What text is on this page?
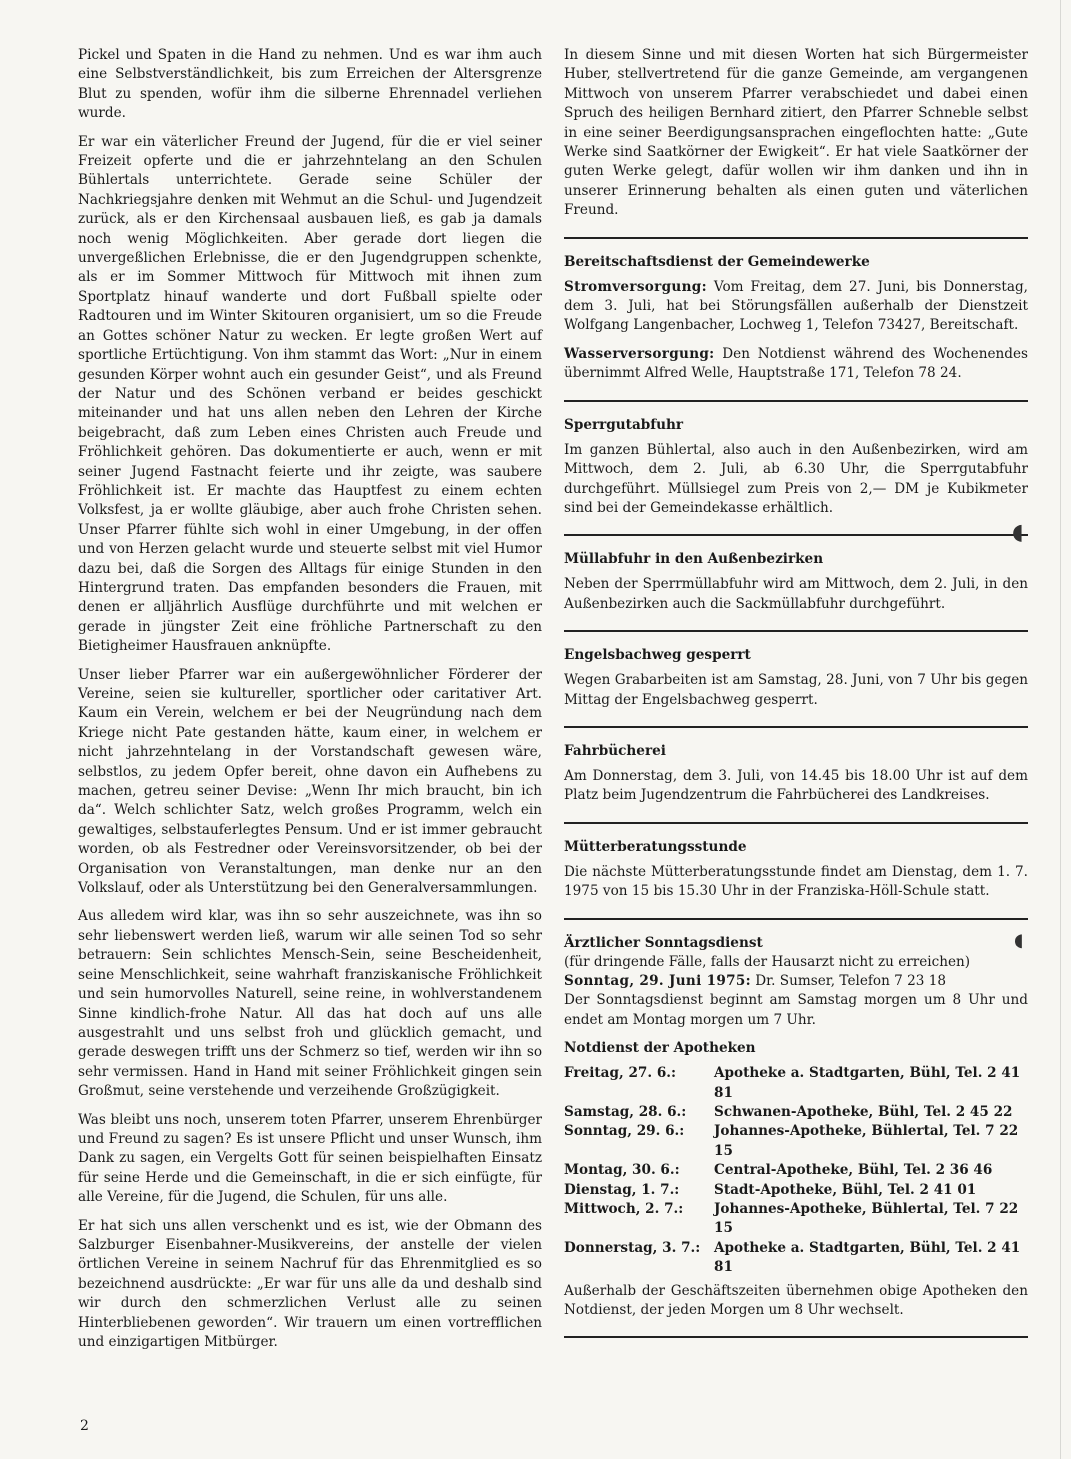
Pickel und Spaten in die Hand zu nehmen. Und es war ihm auch eine Selbstverständlichkeit, bis zum Erreichen der Altersgrenze Blut zu spenden, wofür ihm die silberne Ehrennadel verliehen wurde.

Er war ein väterlicher Freund der Jugend, für die er viel seiner Freizeit opferte und die er jahrzehntelang an den Schulen Bühlertals unterrichtete. Gerade seine Schüler der Nachkriegsjahre denken mit Wehmut an die Schul- und Jugendzeit zurück, als er den Kirchensaal ausbauen ließ, es gab ja damals noch wenig Möglichkeiten. Aber gerade dort liegen die unvergeßlichen Erlebnisse, die er den Jugendgruppen schenkte, als er im Sommer Mittwoch für Mittwoch mit ihnen zum Sportplatz hinauf wanderte und dort Fußball spielte oder Radtouren und im Winter Skitouren organisiert, um so die Freude an Gottes schöner Natur zu wecken. Er legte großen Wert auf sportliche Ertüchtigung. Von ihm stammt das Wort: „Nur in einem gesunden Körper wohnt auch ein gesunder Geist“, und als Freund der Natur und des Schönen verband er beides geschickt miteinander und hat uns allen neben den Lehren der Kirche beigebracht, daß zum Leben eines Christen auch Freude und Fröhlichkeit gehören. Das dokumentierte er auch, wenn er mit seiner Jugend Fastnacht feierte und ihr zeigte, was saubere Fröhlichkeit ist. Er machte das Hauptfest zu einem echten Volksfest, ja er wollte gläubige, aber auch frohe Christen sehen. Unser Pfarrer fühlte sich wohl in einer Umgebung, in der offen und von Herzen gelacht wurde und steuerte selbst mit viel Humor dazu bei, daß die Sorgen des Alltags für einige Stunden in den Hintergrund traten. Das empfanden besonders die Frauen, mit denen er alljährlich Ausflüge durchführte und mit welchen er gerade in jüngster Zeit eine fröhliche Partnerschaft zu den Bietigheimer Hausfrauen anknüpfte.

Unser lieber Pfarrer war ein außergewöhnlicher Förderer der Vereine, seien sie kultureller, sportlicher oder caritativer Art. Kaum ein Verein, welchem er bei der Neugründung nach dem Kriege nicht Pate gestanden hätte, kaum einer, in welchem er nicht jahrzehntelang in der Vorstandschaft gewesen wäre, selbstlos, zu jedem Opfer bereit, ohne davon ein Aufhebens zu machen, getreu seiner Devise: „Wenn Ihr mich braucht, bin ich da“. Welch schlichter Satz, welch großes Programm, welch ein gewaltiges, selbstauferlegtes Pensum. Und er ist immer gebraucht worden, ob als Festredner oder Vereinsvorsitzender, ob bei der Organisation von Veranstaltungen, man denke nur an den Volkslauf, oder als Unterstützung bei den Generalversammlungen.

Aus alledem wird klar, was ihn so sehr auszeichnete, was ihn so sehr liebenswert werden ließ, warum wir alle seinen Tod so sehr betrauern: Sein schlichtes Mensch-Sein, seine Bescheidenheit, seine Menschlichkeit, seine wahrhaft franziskanische Fröhlichkeit und sein humorvolles Naturell, seine reine, in wohlverstandenem Sinne kindlich-frohe Natur. All das hat doch auf uns alle ausgestrahlt und uns selbst froh und glücklich gemacht, und gerade deswegen trifft uns der Schmerz so tief, werden wir ihn so sehr vermissen. Hand in Hand mit seiner Fröhlichkeit gingen sein Großmut, seine verstehende und verzeihende Großzügigkeit.

Was bleibt uns noch, unserem toten Pfarrer, unserem Ehrenbürger und Freund zu sagen? Es ist unsere Pflicht und unser Wunsch, ihm Dank zu sagen, ein Vergelts Gott für seinen beispielhaften Einsatz für seine Herde und die Gemeinschaft, in die er sich einfügte, für alle Vereine, für die Jugend, die Schulen, für uns alle.

Er hat sich uns allen verschenkt und es ist, wie der Obmann des Salzburger Eisenbahner-Musikvereins, der anstelle der vielen örtlichen Vereine in seinem Nachruf für das Ehrenmitglied es so bezeichnend ausdrückte: „Er war für uns alle da und deshalb sind wir durch den schmerzlichen Verlust alle zu seinen Hinterbliebenen geworden“. Wir trauern um einen vortrefflichen und einzigartigen Mitbürger.

In diesem Sinne und mit diesen Worten hat sich Bürgermeister Huber, stellvertretend für die ganze Gemeinde, am vergangenen Mittwoch von unserem Pfarrer verabschiedet und dabei einen Spruch des heiligen Bernhard zitiert, den Pfarrer Schneble selbst in eine seiner Beerdigungsansprachen eingeflochten hatte: „Gute Werke sind Saatkörner der Ewigkeit“. Er hat viele Saatkörner der guten Werke gelegt, dafür wollen wir ihm danken und ihn in unserer Erinnerung behalten als einen guten und väterlichen Freund.

Bereitschaftsdienst der Gemeindewerke

Stromversorgung: Vom Freitag, dem 27. Juni, bis Donnerstag, dem 3. Juli, hat bei Störungsfällen außerhalb der Dienstzeit Wolfgang Langenbacher, Lochweg 1, Telefon 73427, Bereitschaft.

Wasserversorgung: Den Notdienst während des Wochenendes übernimmt Alfred Welle, Hauptstraße 171, Telefon 78 24.

Sperrgutabfuhr

Im ganzen Bühlertal, also auch in den Außenbezirken, wird am Mittwoch, dem 2. Juli, ab 6.30 Uhr, die Sperrgutabfuhr durchgeführt. Müllsiegel zum Preis von 2,— DM je Kubikmeter sind bei der Gemeindekasse erhältlich.

Müllabfuhr in den Außenbezirken

Neben der Sperrmüllabfuhr wird am Mittwoch, dem 2. Juli, in den Außenbezirken auch die Sackmüllabfuhr durchgeführt.

Engelsbachweg gesperrt

Wegen Grabarbeiten ist am Samstag, 28. Juni, von 7 Uhr bis gegen Mittag der Engelsbachweg gesperrt.

Fahrbücherei

Am Donnerstag, dem 3. Juli, von 14.45 bis 18.00 Uhr ist auf dem Platz beim Jugendzentrum die Fahrbücherei des Landkreises.

Mütterberatungsstunde

Die nächste Mütterberatungsstunde findet am Dienstag, dem 1. 7. 1975 von 15 bis 15.30 Uhr in der Franziska-Höll-Schule statt.

Ärztlicher Sonntagsdienst

(für dringende Fälle, falls der Hausarzt nicht zu erreichen)

Sonntag, 29. Juni 1975: Dr. Sumser, Telefon 7 23 18

Der Sonntagsdienst beginnt am Samstag morgen um 8 Uhr und endet am Montag morgen um 7 Uhr.

Notdienst der Apotheken
Freitag, 27. 6.:	Apotheke a. Stadtgarten, Bühl, Tel. 2 41 81
Samstag, 28. 6.:	Schwanen-Apotheke, Bühl, Tel. 2 45 22
Sonntag, 29. 6.:	Johannes-Apotheke, Bühlertal, Tel. 7 22 15
Montag, 30. 6.:	Central-Apotheke, Bühl, Tel. 2 36 46
Dienstag, 1. 7.:	Stadt-Apotheke, Bühl, Tel. 2 41 01
Mittwoch, 2. 7.:	Johannes-Apotheke, Bühlertal, Tel. 7 22 15
Donnerstag, 3. 7.:	Apotheke a. Stadtgarten, Bühl, Tel. 2 41 81

Außerhalb der Geschäftszeiten übernehmen obige Apotheken den Notdienst, der jeden Morgen um 8 Uhr wechselt.

◖
◖
2
